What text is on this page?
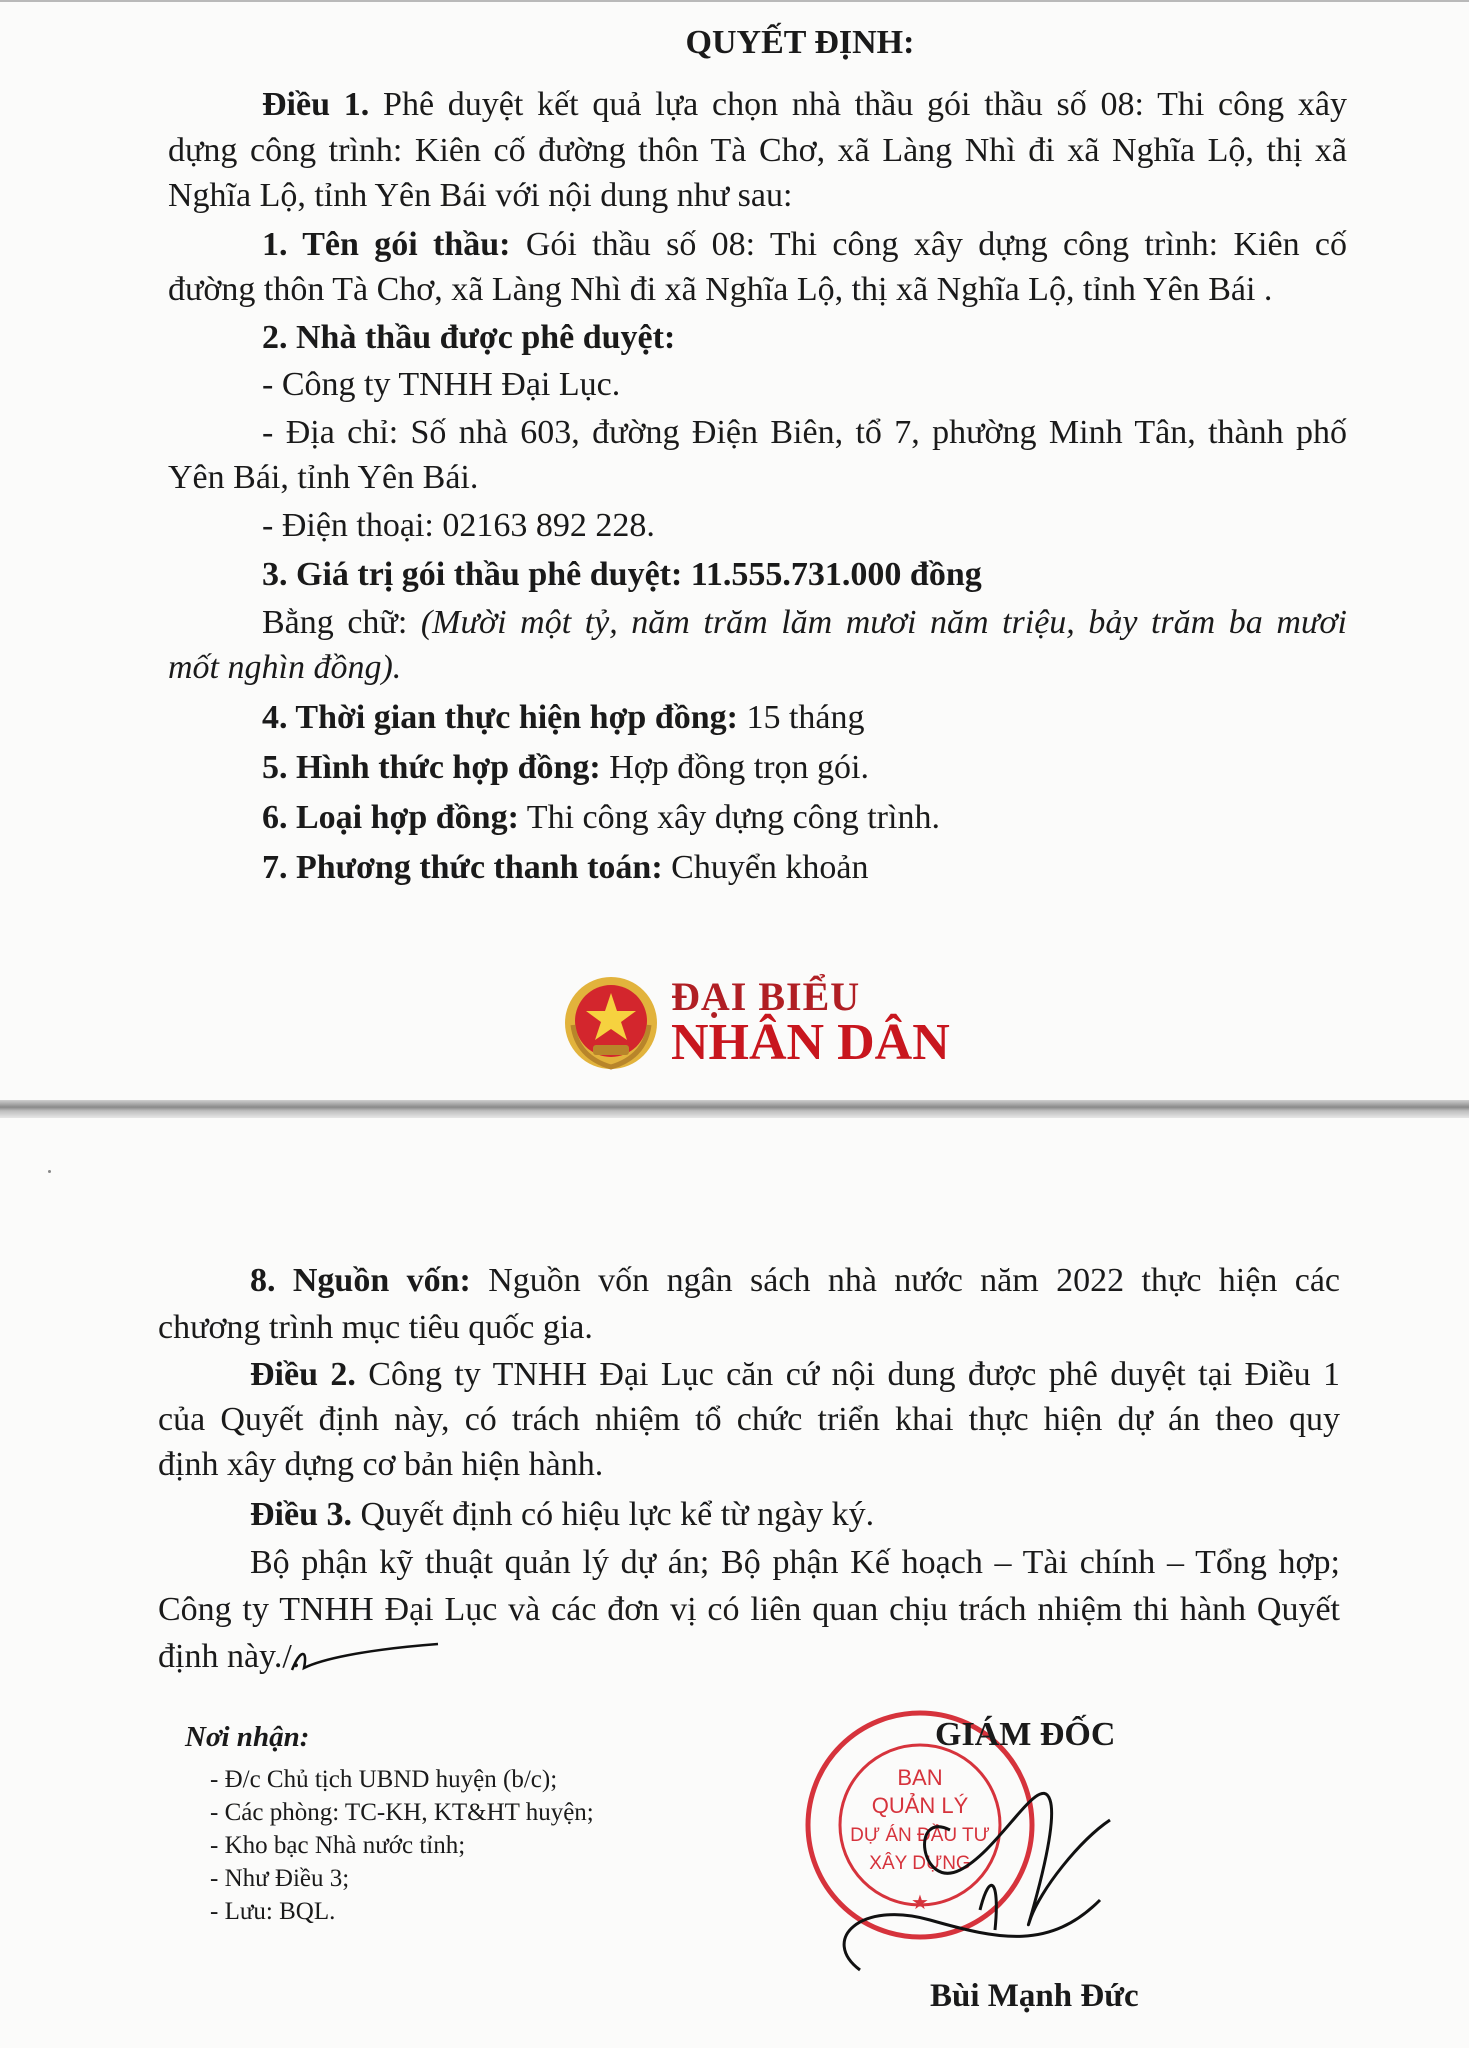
QUYẾT ĐỊNH:
Điều 1. Phê duyệt kết quả lựa chọn nhà thầu gói thầu số 08: Thi công xây
dựng công trình: Kiên cố đường thôn Tà Chơ, xã Làng Nhì đi xã Nghĩa Lộ, thị xã
Nghĩa Lộ, tỉnh Yên Bái với nội dung như sau:
1. Tên gói thầu: Gói thầu số 08: Thi công xây dựng công trình: Kiên cố
đường thôn Tà Chơ, xã Làng Nhì đi xã Nghĩa Lộ, thị xã Nghĩa Lộ, tỉnh Yên Bái .
2. Nhà thầu được phê duyệt:
- Công ty TNHH Đại Lục.
- Địa chỉ: Số nhà 603, đường Điện Biên, tổ 7, phường Minh Tân, thành phố
Yên Bái, tỉnh Yên Bái.
- Điện thoại: 02163 892 228.
3. Giá trị gói thầu phê duyệt: 11.555.731.000 đồng
Bằng chữ: (Mười một tỷ, năm trăm lăm mươi năm triệu, bảy trăm ba mươi
mốt nghìn đồng).
4. Thời gian thực hiện hợp đồng: 15 tháng
5. Hình thức hợp đồng: Hợp đồng trọn gói.
6. Loại hợp đồng: Thi công xây dựng công trình.
7. Phương thức thanh toán: Chuyển khoản
ĐẠI BIỂU
NHÂN DÂN
8. Nguồn vốn: Nguồn vốn ngân sách nhà nước năm 2022 thực hiện các
chương trình mục tiêu quốc gia.
Điều 2. Công ty TNHH Đại Lục căn cứ nội dung được phê duyệt tại Điều 1
của Quyết định này, có trách nhiệm tổ chức triển khai thực hiện dự án theo quy
định xây dựng cơ bản hiện hành.
Điều 3. Quyết định có hiệu lực kể từ ngày ký.
Bộ phận kỹ thuật quản lý dự án; Bộ phận Kế hoạch – Tài chính – Tổng hợp;
Công ty TNHH Đại Lục và các đơn vị có liên quan chịu trách nhiệm thi hành Quyết
định này./.
Nơi nhận:
- Đ/c Chủ tịch UBND huyện (b/c);
- Các phòng: TC-KH, KT&HT huyện;
- Kho bạc Nhà nước tỉnh;
- Như Điều 3;
- Lưu: BQL.
BAN
QUẢN LÝ
DỰ ÁN ĐẦU TƯ
XÂY DỰNG
★
GIÁM ĐỐC
Bùi Mạnh Đức
